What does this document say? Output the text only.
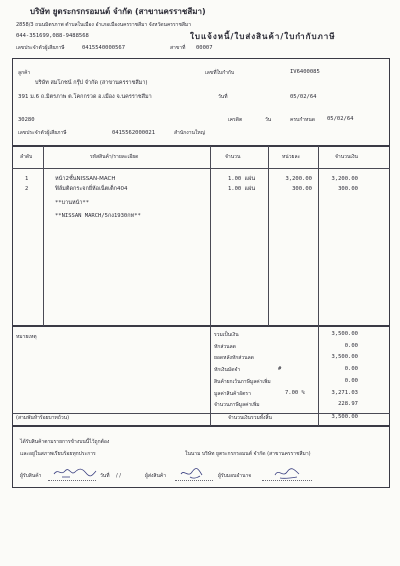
บริษัท ยูตระกรกรอมนต์ จำกัด (สาขานครราชสีมา)
2858/3 ถนนมิตรภาพ ตำบลในเมือง อำเภอเมืองนครราชสีมา จังหวัดนครราชสีมา
044-351699,088-9488568	ใบแจ้งหนี้/ใบส่งสินค้า/ใบกำกับภาษี
เลขประจำตัวผู้เสียภาษี	0415540000567	สาขาที่ 00007
ลูกค้า
บริษัท สมโภชน์ กรุ๊ป จำกัด (สาขานครราชสีมา)
391 ม.6 ถ.มิตรภาพ ต.โคกกรวด อ.เมือง จ.นครราชสีมา
30280
เลขประจำตัวผู้เสียภาษี	0415562000021	สำนักงานใหญ่
เลขที่ใบกำกับ	IV6400085
วันที่	05/02/64
เครดิต	วัน	ครบกำหนด 05/02/64
ลำดับ	รหัสสินค้า/รายละเอียด	จำนวน	หน่วยละ	จำนวนเงิน
1	หน้า2ชั้นNISSAN-MACH	1.00 แผ่น	3,200.00	3,200.00
2	ฟิล์มติดกระจกยี่ห้อเน็ตเต็ก404	1.00 แผ่น	300.00	300.00
**บานหน้า**
**NISSAN MARCH/5กง1930กท**
หมายเหตุ	รวมเป็นเงิน	3,500.00
หักส่วนลด	0.00
ยอดหลังหักส่วนลด	3,500.00
หักเงินมัดจำ	#	0.00
สินค้ายกเว้นภาษีมูลค่าเพิ่ม	0.00
มูลค่าสินค้าอัตรา	7.00 %	3,271.03
จำนวนภาษีมูลค่าเพิ่ม	228.97
(สามพันห้าร้อยบาทถ้วน)	จำนวนเงินรวมทั้งสิ้น	3,500.00
ได้รับสินค้าตามรายการข้างบนนี้ไว้ถูกต้อง
และอยู่ในสภาพเรียบร้อยทุกประการ	ในนาม บริษัท ยูตระกรกรอมนต์ จำกัด (สาขานครราชสีมา)
ผู้รับสินค้า	วันที่ / /	ผู้ส่งสินค้า	ผู้รับมอบอำนาจ
